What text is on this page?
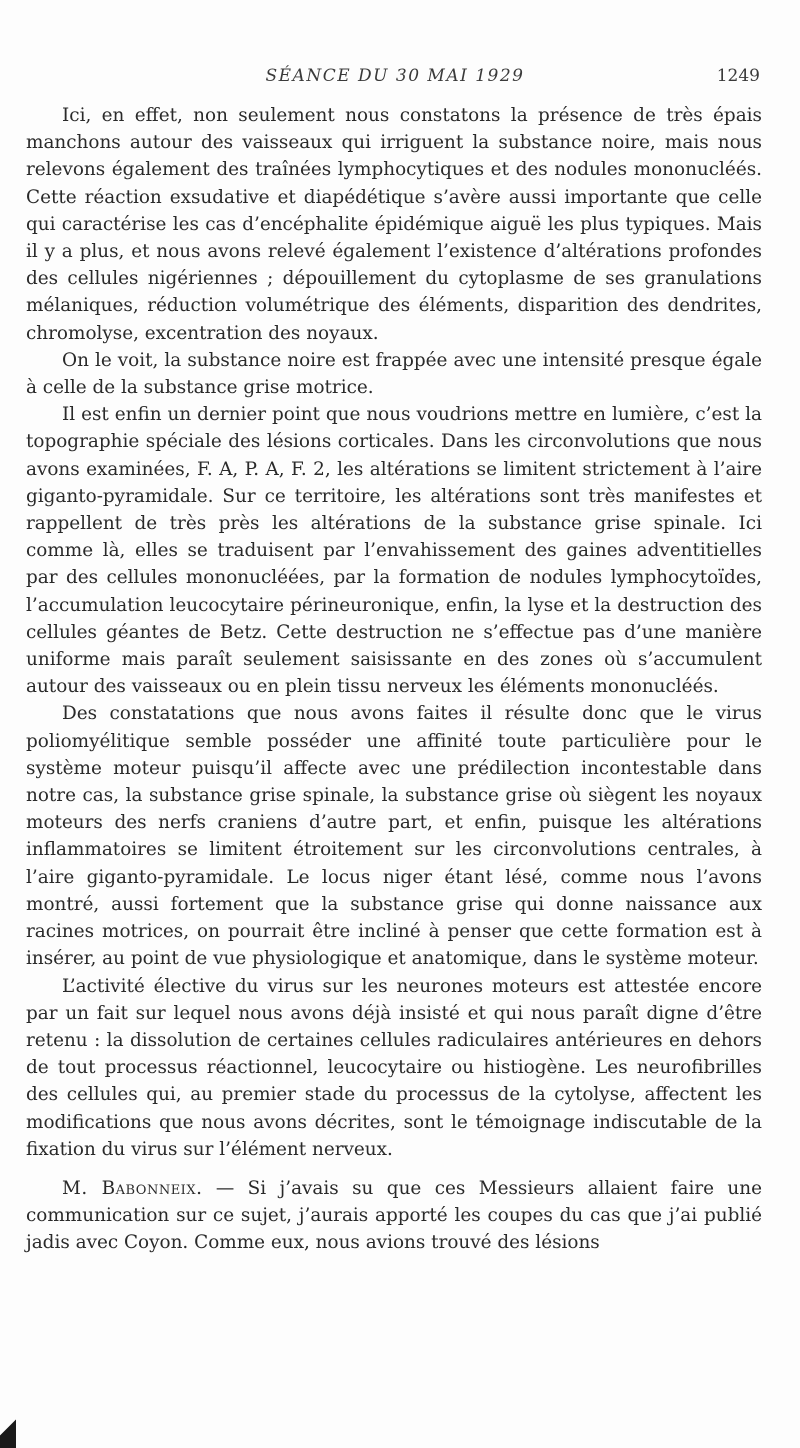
SÉANCE DU 30 MAI 1929	1249

Ici, en effet, non seulement nous constatons la présence de très épais manchons autour des vaisseaux qui irriguent la substance noire, mais nous relevons également des traînées lymphocytiques et des nodules mononucléés. Cette réaction exsudative et diapédétique s’avère aussi importante que celle qui caractérise les cas d’encéphalite épidémique aiguë les plus typiques. Mais il y a plus, et nous avons relevé également l’existence d’altérations profondes des cellules nigériennes ; dépouillement du cytoplasme de ses granulations mélaniques, réduction volumétrique des éléments, disparition des dendrites, chromolyse, excentration des noyaux.

On le voit, la substance noire est frappée avec une intensité presque égale à celle de la substance grise motrice.

Il est enfin un dernier point que nous voudrions mettre en lumière, c’est la topographie spéciale des lésions corticales. Dans les circonvolutions que nous avons examinées, F. A, P. A, F. 2, les altérations se limitent strictement à l’aire giganto-pyramidale. Sur ce territoire, les altérations sont très manifestes et rappellent de très près les altérations de la substance grise spinale. Ici comme là, elles se traduisent par l’envahissement des gaines adventitielles par des cellules mononucléées, par la formation de nodules lymphocytoïdes, l’accumulation leucocytaire périneuronique, enfin, la lyse et la destruction des cellules géantes de Betz. Cette destruction ne s’effectue pas d’une manière uniforme mais paraît seulement saisissante en des zones où s’accumulent autour des vaisseaux ou en plein tissu nerveux les éléments mononucléés.

Des constatations que nous avons faites il résulte donc que le virus poliomyélitique semble posséder une affinité toute particulière pour le système moteur puisqu’il affecte avec une prédilection incontestable dans notre cas, la substance grise spinale, la substance grise où siègent les noyaux moteurs des nerfs craniens d’autre part, et enfin, puisque les altérations inflammatoires se limitent étroitement sur les circonvolutions centrales, à l’aire giganto-pyramidale. Le locus niger étant lésé, comme nous l’avons montré, aussi fortement que la substance grise qui donne naissance aux racines motrices, on pourrait être incliné à penser que cette formation est à insérer, au point de vue physiologique et anatomique, dans le système moteur.

L’activité élective du virus sur les neurones moteurs est attestée encore par un fait sur lequel nous avons déjà insisté et qui nous paraît digne d’être retenu : la dissolution de certaines cellules radiculaires antérieures en dehors de tout processus réactionnel, leucocytaire ou histiogène. Les neurofibrilles des cellules qui, au premier stade du processus de la cytolyse, affectent les modifications que nous avons décrites, sont le témoignage indiscutable de la fixation du virus sur l’élément nerveux.

M. Babonneix. — Si j’avais su que ces Messieurs allaient faire une communication sur ce sujet, j’aurais apporté les coupes du cas que j’ai publié jadis avec Coyon. Comme eux, nous avions trouvé des lésions
